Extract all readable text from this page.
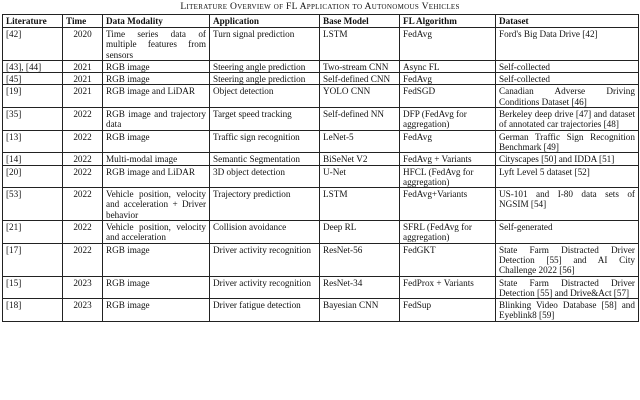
Literature Overview of FL Application to Autonomous Vehicles
Literature	Time	Data Modality	Application	Base Model	FL Algorithm	Dataset
[42]	2020	Time series data of multiple features from sensors	Turn signal prediction	LSTM	FedAvg	Ford's Big Data Drive [42]
[43], [44]	2021	RGB image	Steering angle prediction	Two-stream CNN	Async FL	Self-collected
[45]	2021	RGB image	Steering angle prediction	Self-defined CNN	FedAvg	Self-collected
[19]	2021	RGB image and LiDAR	Object detection	YOLO CNN	FedSGD	Canadian Adverse Driving Conditions Dataset [46]
[35]	2022	RGB image and trajectory data	Target speed tracking	Self-defined NN	DFP (FedAvg for aggregation)	Berkeley deep drive [47] and dataset of annotated car trajectories [48]
[13]	2022	RGB image	Traffic sign recognition	LeNet-5	FedAvg	German Traffic Sign Recognition Benchmark [49]
[14]	2022	Multi-modal image	Semantic Segmentation	BiSeNet V2	FedAvg + Variants	Cityscapes [50] and IDDA [51]
[20]	2022	RGB image and LiDAR	3D object detection	U-Net	HFCL (FedAvg for aggregation)	Lyft Level 5 dataset [52]
[53]	2022	Vehicle position, velocity and acceleration + Driver behavior	Trajectory prediction	LSTM	FedAvg+Variants	US-101 and I-80 data sets of NGSIM [54]
[21]	2022	Vehicle position, velocity and acceleration	Collision avoidance	Deep RL	SFRL (FedAvg for aggregation)	Self-generated
[17]	2022	RGB image	Driver activity recognition	ResNet-56	FedGKT	State Farm Distracted Driver Detection [55] and AI City Challenge 2022 [56]
[15]	2023	RGB image	Driver activity recognition	ResNet-34	FedProx + Variants	State Farm Distracted Driver Detection [55] and Drive&Act [57]
[18]	2023	RGB image	Driver fatigue detection	Bayesian CNN	FedSup	Blinking Video Database [58] and Eyeblink8 [59]
